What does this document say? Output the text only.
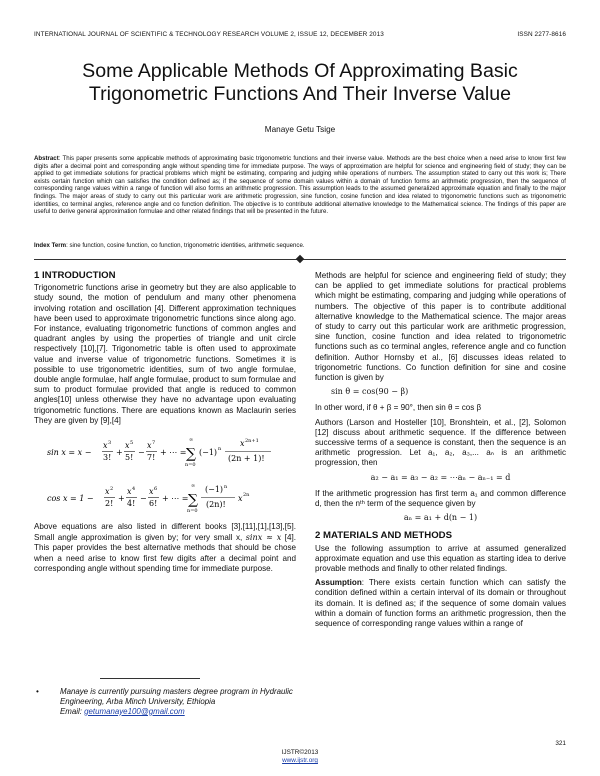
INTERNATIONAL JOURNAL OF SCIENTIFIC & TECHNOLOGY RESEARCH VOLUME 2, ISSUE 12, DECEMBER 2013	ISSN 2277-8616
Some Applicable Methods Of Approximating Basic
Trigonometric Functions And Their Inverse Value
Manaye Getu Tsige
Abstract: This paper presents some applicable methods of approximating basic trigonometric functions and their inverse value. Methods are the best choice when a need arise to know first few digits after a decimal point and corresponding angle without spending time for immediate purpose. The ways of approximation are helpful for science and engineering field of study; they can be applied to get immediate solutions for practical problems which might be estimating, comparing and judging while operations of numbers. The assumption stated to carry out this work is; There exists certain function which can satisfies the condition defined as; if the sequence of some domain values within a domain of function forms an arithmetic progression, then the sequence of corresponding range values within a range of function will also forms an arithmetic progression. This assumption leads to the assumed generalized approximate equation and finally to the major findings. The major areas of study to carry out this particular work are arithmetic progression, sine function, cosine function and idea related to trigonometric functions such as trigonometric identities, co terminal angles, reference angle and co function definition. The objective is to contribute additional alternative knowledge to the Mathematical science. The findings of this paper are useful to derive general approximation formulae and other related findings that will be presented in the future.
Index Term: sine function, cosine function, co function, trigonometric identities, arithmetic sequence.
1 INTRODUCTION

Trigonometric functions arise in geometry but they are also applicable to study sound, the motion of pendulum and many other phenomena involving rotation and oscillation [4]. Different approximation techniques have been used to approximate trigonometric functions since along ago. For instance, evaluating trigonometric functions of common angles and quadrant angles by using the properties of triangle and unit circle respectively [10],[7]. Trigonometric table is often used to approximate value and inverse value of trigonometric functions. Sometimes it is possible to use trigonometric identities, sum of two angle formulae, double angle formulae, half angle formulae, product to sum formulae and sum to product formulae provided that angle is reduced to common angles[10] unless otherwise they have no advantage upon evaluating trigonometric functions. There are equations known as Maclaurin series They are given by [9],[4]

sin x = x −
x 3
3!
+
x 5
5!
−
x 7
7!
+ ⋯ =
∞
∑
n=0
(−1) n
x 2n+1
(2n + 1)!
cos x = 1 −
x 2
2!
+
x 4
4!
−
x 6
6!
+ ⋯ =
∞
∑
n=0
(−1) n
(2n)!
x 2n

Above equations are also listed in different books [3],[11],[1],[13],[5]. Small angle approximation is given by; for very small x, sinx ≈ x [4]. This paper provides the best alternative methods that should be chose when a need arise to know first few digits after a decimal point and corresponding angle without spending time for immediate purpose.

•	Manaye is currently pursuing masters degree program in Hydraulic Engineering, Arba Minch University, Ethiopia
Email: getumanaye100@gmail.com

Methods are helpful for science and engineering field of study; they can be applied to get immediate solutions for practical problems which might be estimating, comparing and judging while operations of numbers. The objective of this paper is to contribute additional alternative knowledge to the Mathematical science. The major areas of study to carry out this particular work are arithmetic progression, sine function, cosine function and idea related to trigonometric functions such as co terminal angles, reference angle and co function definition. Author Hornsby et al., [6] discusses ideas related to trigonometric functions. Co function definition for sine and cosine function is given by

sin θ = cos(90 − β)

In other word, if θ + β = 90°, then sin θ = cos β

Authors (Larson and Hosteller [10], Bronshtein, et al., [2], Solomon [12] discuss about arithmetic sequence. If the difference between successive terms of a sequence is constant, then the sequence is an arithmetic progression. Let a₁, a₂, a₃,... aₙ is an arithmetic progression, then

a₂ − a₁ = a₃ − a₂ = ⋯aₙ − aₙ₋₁ = d

If the arithmetic progression has first term a₁ and common difference d, then the nᵗʰ term of the sequence given by

aₙ = a₁ + d(n − 1)
2 MATERIALS AND METHODS

Use the following assumption to arrive at assumed generalized approximate equation and use this equation as starting idea to derive provable methods and finally to other related findings.

Assumption: There exists certain function which can satisfy the condition defined within a certain interval of its domain or throughout its domain. It is defined as; if the sequence of some domain values within a domain of function forms an arithmetic progression, then the sequence of corresponding range values within a range of

321
IJSTR©2013
www.ijstr.org
